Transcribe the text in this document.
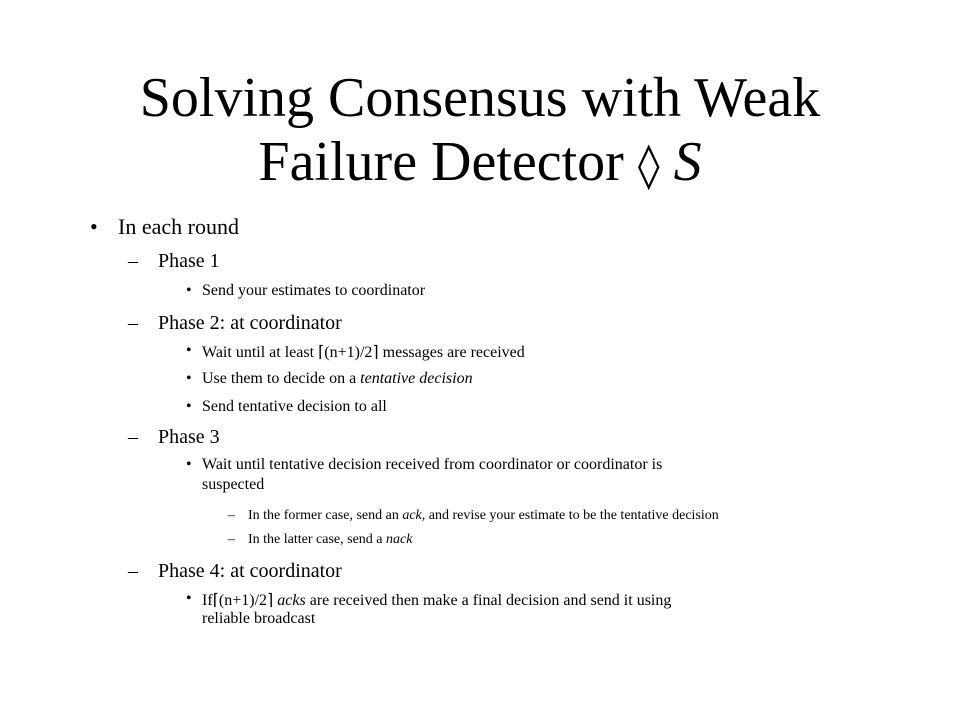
Solving Consensus with Weak
Failure Detector ◊ S
• In each round
– Phase 1
• Send your estimates to coordinator
– Phase 2: at coordinator
• Wait until at least ⌈(n+1)/2⌉ messages are received
• Use them to decide on a tentative decision
• Send tentative decision to all
– Phase 3
• Wait until tentative decision received from coordinator or coordinator is
suspected
– In the former case, send an ack, and revise your estimate to be the tentative decision
– In the latter case, send a nack
– Phase 4: at coordinator
• If⌈(n+1)/2⌉ acks are received then make a final decision and send it using
reliable broadcast
